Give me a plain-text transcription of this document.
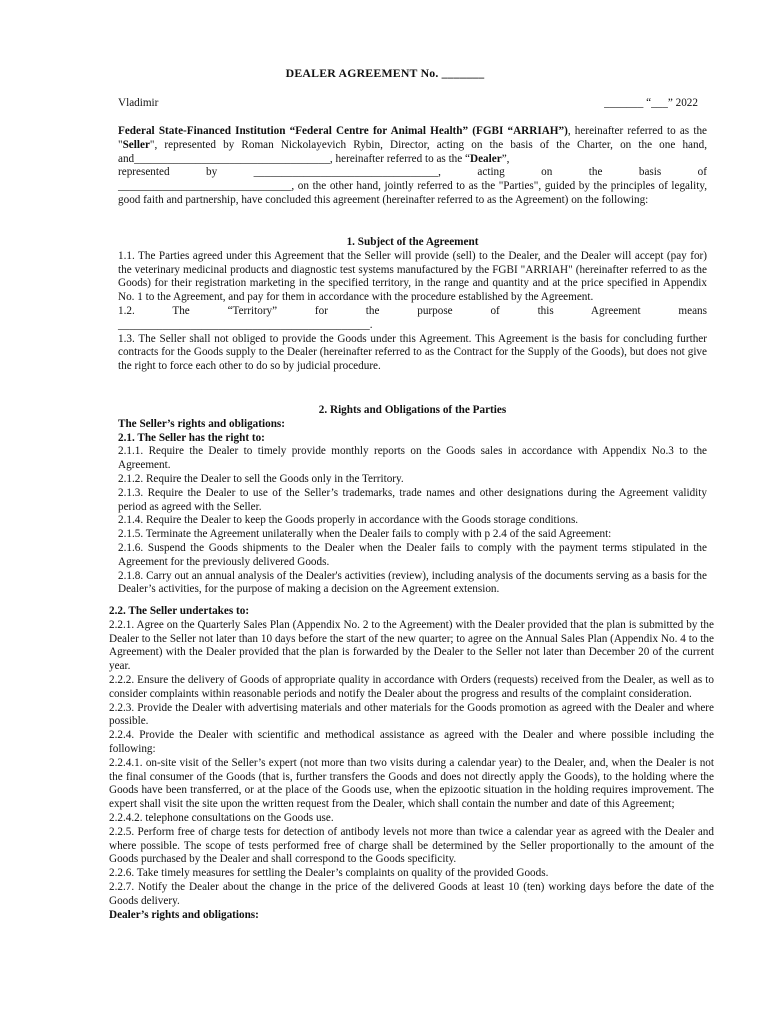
DEALER AGREEMENT No. _______
Vladimir	_______ “___” 2022

Federal State-Financed Institution “Federal Centre for Animal Health” (FGBI “ARRIAH”), hereinafter referred to as the "Seller", represented by Roman Nickolayevich Rybin, Director, acting on the basis of the Charter, on the one hand, and___________________________________, hereinafter referred to as the “Dealer”,

represented by _________________________________, acting on the basis of

_______________________________, on the other hand, jointly referred to as the "Parties", guided by the principles of legality, good faith and partnership, have concluded this agreement (hereinafter referred to as the Agreement) on the following:

1. Subject of the Agreement

1.1. The Parties agreed under this Agreement that the Seller will provide (sell) to the Dealer, and the Dealer will accept (pay for) the veterinary medicinal products and diagnostic test systems manufactured by the FGBI "ARRIAH" (hereinafter referred to as the Goods) for their registration marketing in the specified territory, in the range and quantity and at the price specified in Appendix No. 1 to the Agreement, and pay for them in accordance with the procedure established by the Agreement.

1.2. The “Territory” for the purpose of this Agreement means

_____________________________________________.

1.3. The Seller shall not obliged to provide the Goods under this Agreement. This Agreement is the basis for concluding further contracts for the Goods supply to the Dealer (hereinafter referred to as the Contract for the Supply of the Goods), but does not give the right to force each other to do so by judicial procedure.

2. Rights and Obligations of the Parties

The Seller’s rights and obligations:

2.1. The Seller has the right to:

2.1.1. Require the Dealer to timely provide monthly reports on the Goods sales in accordance with Appendix No.3 to the Agreement.

2.1.2. Require the Dealer to sell the Goods only in the Territory.

2.1.3. Require the Dealer to use of the Seller’s trademarks, trade names and other designations during the Agreement validity period as agreed with the Seller.

2.1.4. Require the Dealer to keep the Goods properly in accordance with the Goods storage conditions.

2.1.5. Terminate the Agreement unilaterally when the Dealer fails to comply with p 2.4 of the said Agreement:

2.1.6. Suspend the Goods shipments to the Dealer when the Dealer fails to comply with the payment terms stipulated in the Agreement for the previously delivered Goods.

2.1.8. Carry out an annual analysis of the Dealer's activities (review), including analysis of the documents serving as a basis for the Dealer’s activities, for the purpose of making a decision on the Agreement extension.

2.2. The Seller undertakes to:

2.2.1. Agree on the Quarterly Sales Plan (Appendix No. 2 to the Agreement) with the Dealer provided that the plan is submitted by the Dealer to the Seller not later than 10 days before the start of the new quarter; to agree on the Annual Sales Plan (Appendix No. 4 to the Agreement) with the Dealer provided that the plan is forwarded by the Dealer to the Seller not later than December 20 of the current year.

2.2.2. Ensure the delivery of Goods of appropriate quality in accordance with Orders (requests) received from the Dealer, as well as to consider complaints within reasonable periods and notify the Dealer about the progress and results of the complaint consideration.

2.2.3. Provide the Dealer with advertising materials and other materials for the Goods promotion as agreed with the Dealer and where possible.

2.2.4. Provide the Dealer with scientific and methodical assistance as agreed with the Dealer and where possible including the following:

2.2.4.1. on-site visit of the Seller’s expert (not more than two visits during a calendar year) to the Dealer, and, when the Dealer is not the final consumer of the Goods (that is, further transfers the Goods and does not directly apply the Goods), to the holding where the Goods have been transferred, or at the place of the Goods use, when the epizootic situation in the holding requires improvement. The expert shall visit the site upon the written request from the Dealer, which shall contain the number and date of this Agreement;

2.2.4.2. telephone consultations on the Goods use.

2.2.5. Perform free of charge tests for detection of antibody levels not more than twice a calendar year as agreed with the Dealer and where possible. The scope of tests performed free of charge shall be determined by the Seller proportionally to the amount of the Goods purchased by the Dealer and shall correspond to the Goods specificity.

2.2.6. Take timely measures for settling the Dealer’s complaints on quality of the provided Goods.

2.2.7. Notify the Dealer about the change in the price of the delivered Goods at least 10 (ten) working days before the date of the Goods delivery.

Dealer’s rights and obligations:
